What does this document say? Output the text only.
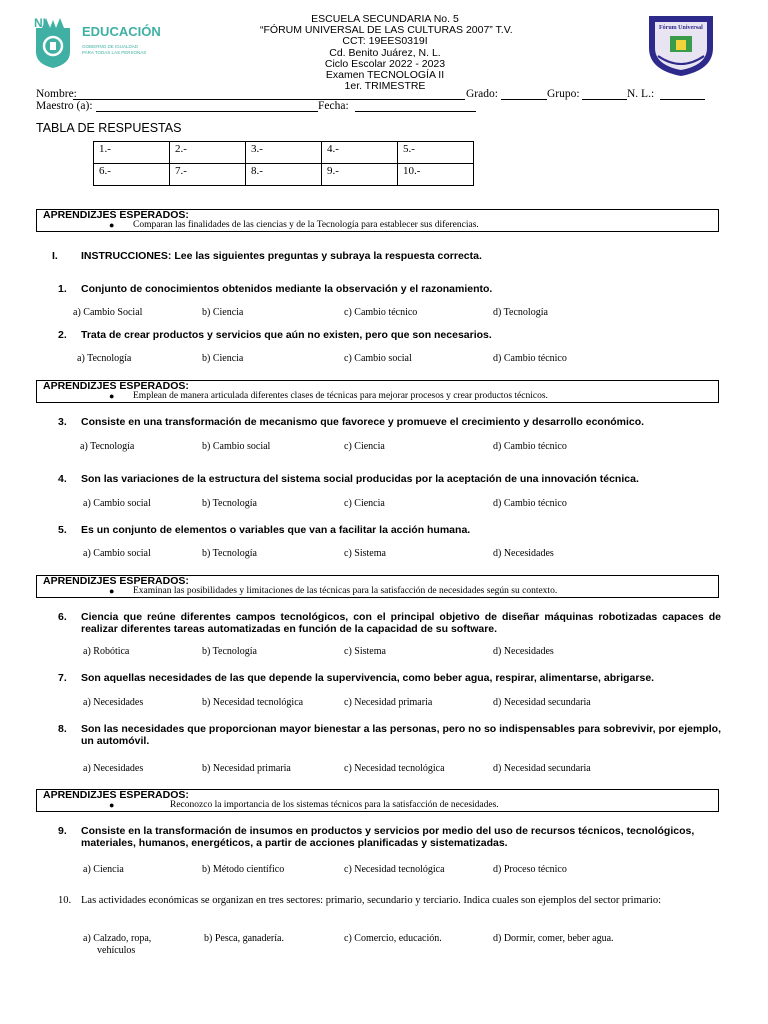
NL
EDUCACIÓN
GOBIERNO DE IGUALDAD
PARA TODAS LAS PERSONAS
ESCUELA SECUNDARIA No. 5
“FÓRUM UNIVERSAL DE LAS CULTURAS 2007” T.V.
CCT: 19EES0319I
Cd. Benito Juárez, N. L.
Ciclo Escolar 2022 - 2023
Examen TECNOLOGÍA II
1er. TRIMESTRE
Fórum Universal
Nombre:	Grado:	Grupo:	N. L.:
Maestro (a):	Fecha:
TABLA DE RESPUESTAS
1.-	2.-	3.-	4.-	5.-
6.-	7.-	8.-	9.-	10.-
APRENDIZJES ESPERADOS:
● Comparan las finalidades de las ciencias y de la Tecnología para establecer sus diferencias.
I. INSTRUCCIONES: Lee las siguientes preguntas y subraya la respuesta correcta.
1. Conjunto de conocimientos obtenidos mediante la observación y el razonamiento.
a) Cambio Social	b) Ciencia	c) Cambio técnico	d) Tecnología
2. Trata de crear productos y servicios que aún no existen, pero que son necesarios.
a) Tecnología	b) Ciencia	c) Cambio social	d) Cambio técnico
APRENDIZJES ESPERADOS:
● Emplean de manera articulada diferentes clases de técnicas para mejorar procesos y crear productos técnicos.
3. Consiste en una transformación de mecanismo que favorece y promueve el crecimiento y desarrollo económico.
a) Tecnología	b) Cambio social	c) Ciencia	d) Cambio técnico
4. Son las variaciones de la estructura del sistema social producidas por la aceptación de una innovación técnica.
a) Cambio social	b) Tecnología	c) Ciencia	d) Cambio técnico
5. Es un conjunto de elementos o variables que van a facilitar la acción humana.
a) Cambio social	b) Tecnología	c) Sistema	d) Necesidades
APRENDIZJES ESPERADOS:
● Examinan las posibilidades y limitaciones de las técnicas para la satisfacción de necesidades según su contexto.
6. Ciencia que reúne diferentes campos tecnológicos, con el principal objetivo de diseñar máquinas robotizadas capaces de realizar diferentes tareas automatizadas en función de la capacidad de su software.
a) Robótica	b) Tecnología	c) Sistema	d) Necesidades
7. Son aquellas necesidades de las que depende la supervivencia, como beber agua, respirar, alimentarse, abrigarse.
a) Necesidades	b) Necesidad tecnológica	c) Necesidad primaria	d) Necesidad secundaria
8. Son las necesidades que proporcionan mayor bienestar a las personas, pero no so indispensables para sobrevivir, por ejemplo, un automóvil.
a) Necesidades	b) Necesidad primaria	c) Necesidad tecnológica	d) Necesidad secundaria
APRENDIZJES ESPERADOS:
●	Reconozco la importancia de los sistemas técnicos para la satisfacción de necesidades.
9. Consiste en la transformación de insumos en productos y servicios por medio del uso de recursos técnicos, tecnológicos, materiales, humanos, energéticos, a partir de acciones planificadas y sistematizadas.
a) Ciencia	b) Método científico	c) Necesidad tecnológica	d) Proceso técnico
10. Las actividades económicas se organizan en tres sectores: primario, secundario y terciario. Indica cuales son ejemplos del sector primario:
a) Calzado, ropa,
vehículos
b) Pesca, ganadería.	c) Comercio, educación.	d) Dormir, comer, beber agua.
